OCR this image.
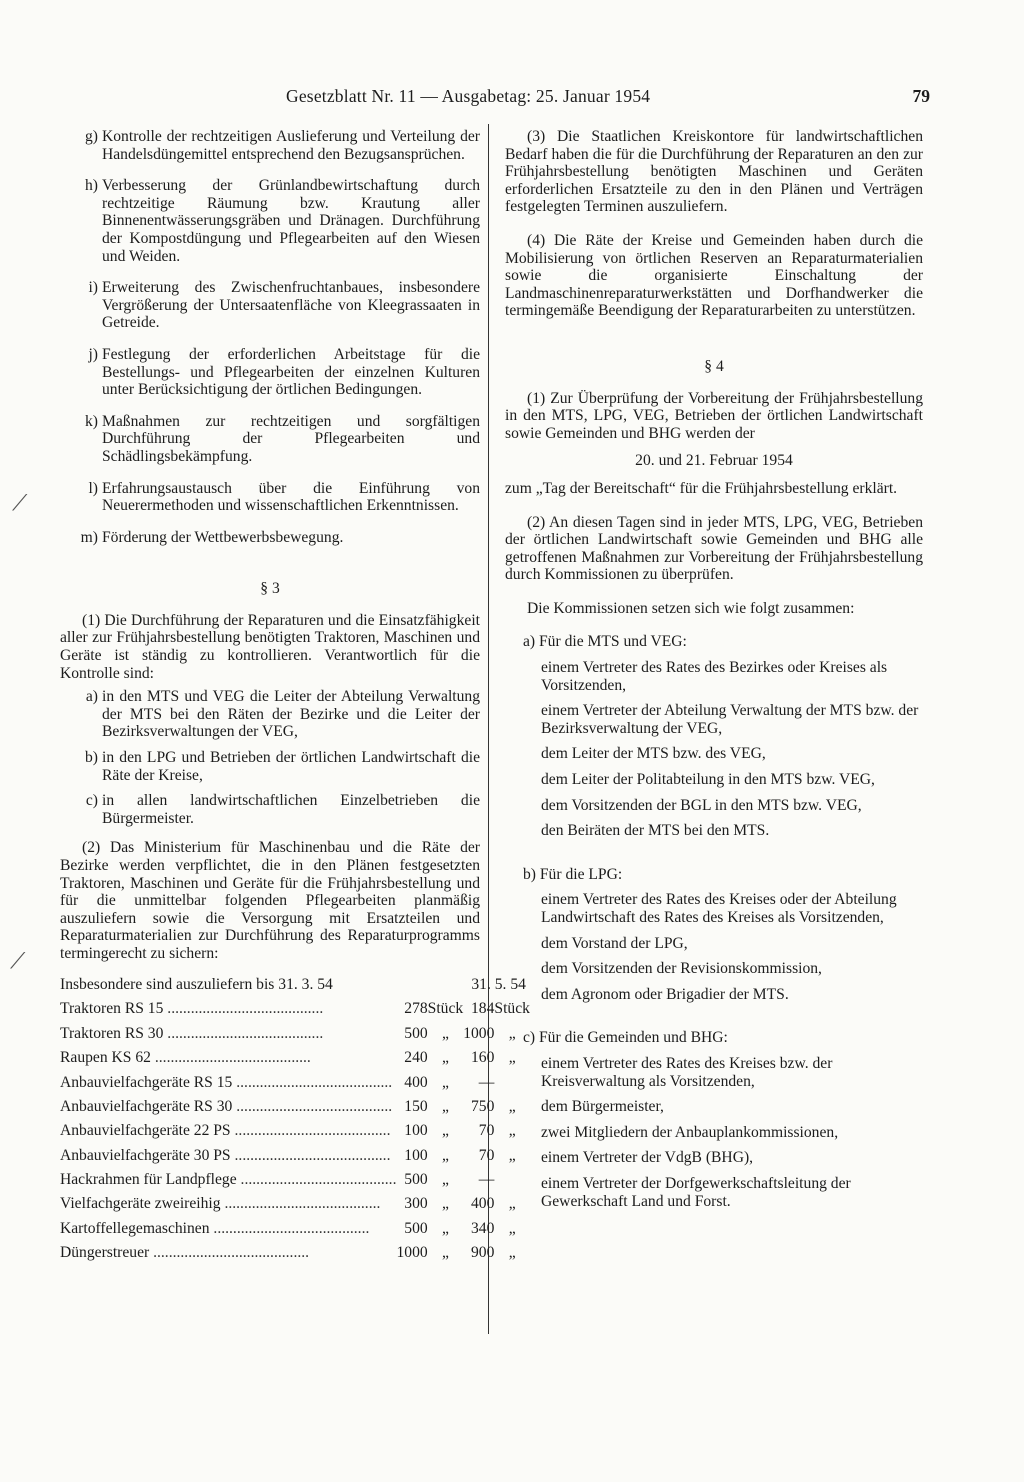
Gesetzblatt Nr. 11 — Ausgabetag: 25. Januar 1954	79
⟋
⟋
g) Kontrolle der rechtzeitigen Auslieferung und Verteilung der Handelsdüngemittel entsprechend den Bezugsansprüchen.
h) Verbesserung der Grünlandbewirtschaftung durch rechtzeitige Räumung bzw. Krautung aller Binnenentwässerungsgräben und Dränagen. Durchführung der Kompostdüngung und Pflegearbeiten auf den Wiesen und Weiden.
i) Erweiterung des Zwischenfruchtanbaues, insbesondere Vergrößerung der Untersaatenfläche von Kleegrassaaten in Getreide.
j) Festlegung der erforderlichen Arbeitstage für die Bestellungs- und Pflegearbeiten der einzelnen Kulturen unter Berücksichtigung der örtlichen Bedingungen.
k) Maßnahmen zur rechtzeitigen und sorgfältigen Durchführung der Pflegearbeiten und Schädlingsbekämpfung.
l) Erfahrungsaustausch über die Einführung von Neuerermethoden und wissenschaftlichen Erkenntnissen.
m) Förderung der Wettbewerbsbewegung.
§ 3

(1) Die Durchführung der Reparaturen und die Einsatzfähigkeit aller zur Frühjahrsbestellung benötigten Traktoren, Maschinen und Geräte ist ständig zu kontrollieren. Verantwortlich für die Kontrolle sind:

a) in den MTS und VEG die Leiter der Abteilung Verwaltung der MTS bei den Räten der Bezirke und die Leiter der Bezirksverwaltungen der VEG,
b) in den LPG und Betrieben der örtlichen Landwirtschaft die Räte der Kreise,
c) in allen landwirtschaftlichen Einzelbetrieben die Bürgermeister.

(2) Das Ministerium für Maschinenbau und die Räte der Bezirke werden verpflichtet, die in den Plänen festgesetzten Traktoren, Maschinen und Geräte für die Frühjahrsbestellung und für die unmittelbar folgenden Pflegearbeiten planmäßig auszuliefern sowie die Versorgung mit Ersatzteilen und Reparaturmaterialien zur Durchführung des Reparaturprogramms termingerecht zu sichern:

Insbesondere sind auszuliefern bis 31. 3. 54			31. 5. 54	
Traktoren RS 15 ........................................	278	Stück	184	Stück
Traktoren RS 30 ........................................	500	„	1000	„
Raupen KS 62 ........................................	240	„	160	„
Anbauvielfachgeräte RS 15 ........................................	400	„	—	
Anbauvielfachgeräte RS 30 ........................................	150	„	750	„
Anbauvielfachgeräte 22 PS ........................................	100	„	70	„
Anbauvielfachgeräte 30 PS ........................................	100	„	70	„
Hackrahmen für Landpflege ........................................	500	„	—	
Vielfachgeräte zweireihig ........................................	300	„	400	„
Kartoffellegemaschinen ........................................	500	„	340	„
Düngerstreuer ........................................	1000	„	900	„

(3) Die Staatlichen Kreiskontore für landwirtschaftlichen Bedarf haben die für die Durchführung der Reparaturen an den zur Frühjahrsbestellung benötigten Maschinen und Geräten erforderlichen Ersatzteile zu den in den Plänen und Verträgen festgelegten Terminen auszuliefern.

(4) Die Räte der Kreise und Gemeinden haben durch die Mobilisierung von örtlichen Reserven an Reparaturmaterialien sowie die organisierte Einschaltung der Landmaschinenreparaturwerkstätten und Dorfhandwerker die termingemäße Beendigung der Reparaturarbeiten zu unterstützen.

§ 4

(1) Zur Überprüfung der Vorbereitung der Frühjahrsbestellung in den MTS, LPG, VEG, Betrieben der örtlichen Landwirtschaft sowie Gemeinden und BHG werden der

20. und 21. Februar 1954

zum „Tag der Bereitschaft“ für die Frühjahrsbestellung erklärt.

(2) An diesen Tagen sind in jeder MTS, LPG, VEG, Betrieben der örtlichen Landwirtschaft sowie Gemeinden und BHG alle getroffenen Maßnahmen zur Vorbereitung der Frühjahrsbestellung durch Kommissionen zu überprüfen.

Die Kommissionen setzen sich wie folgt zusammen:

a) Für die MTS und VEG:
einem Vertreter des Rates des Bezirkes oder Kreises als Vorsitzenden,
einem Vertreter der Abteilung Verwaltung der MTS bzw. der Bezirksverwaltung der VEG,
dem Leiter der MTS bzw. des VEG,
dem Leiter der Politabteilung in den MTS bzw. VEG,
dem Vorsitzenden der BGL in den MTS bzw. VEG,
den Beiräten der MTS bei den MTS.
b) Für die LPG:
einem Vertreter des Rates des Kreises oder der Abteilung Landwirtschaft des Rates des Kreises als Vorsitzenden,
dem Vorstand der LPG,
dem Vorsitzenden der Revisionskommission,
dem Agronom oder Brigadier der MTS.
c) Für die Gemeinden und BHG:
einem Vertreter des Rates des Kreises bzw. der Kreisverwaltung als Vorsitzenden,
dem Bürgermeister,
zwei Mitgliedern der Anbauplankommissionen,
einem Vertreter der VdgB (BHG),
einem Vertreter der Dorfgewerkschaftsleitung der Gewerkschaft Land und Forst.
